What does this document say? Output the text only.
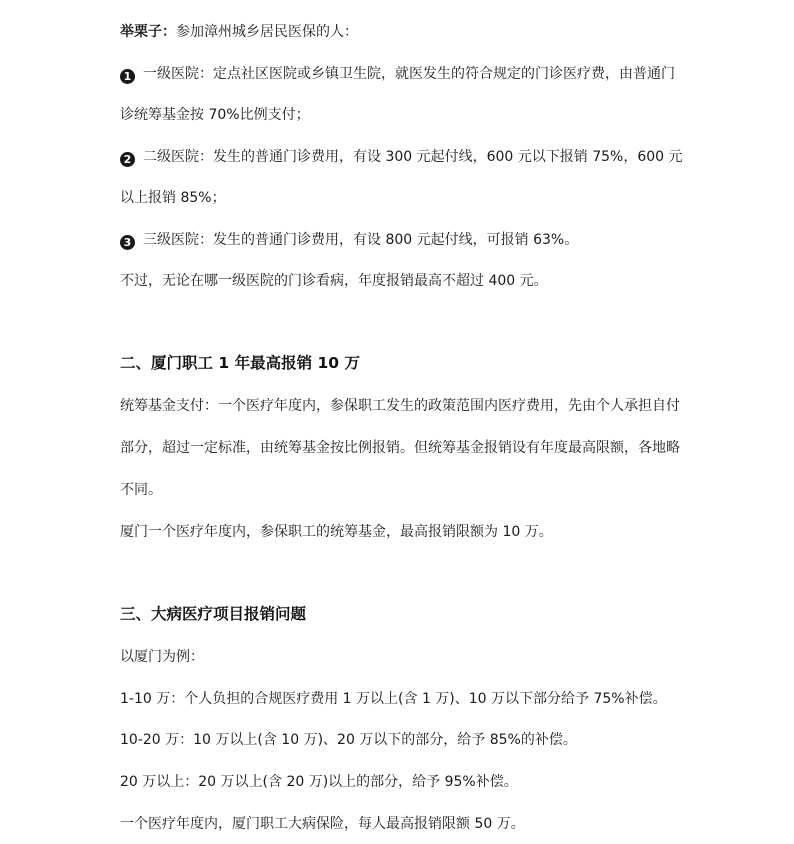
举栗子：参加漳州城乡居民医保的人：
1 一级医院：定点社区医院或乡镇卫生院，就医发生的符合规定的门诊医疗费，由普通门
诊统筹基金按 70%比例支付；
2 二级医院：发生的普通门诊费用，有设 300 元起付线，600 元以下报销 75%，600 元
以上报销 85%；
3 三级医院：发生的普通门诊费用，有设 800 元起付线，可报销 63%。
不过，无论在哪一级医院的门诊看病，年度报销最高不超过 400 元。
二、厦门职工 1 年最高报销 10 万
统筹基金支付：一个医疗年度内，参保职工发生的政策范围内医疗费用，先由个人承担自付
部分，超过一定标准，由统筹基金按比例报销。但统筹基金报销设有年度最高限额，各地略
不同。
厦门一个医疗年度内，参保职工的统筹基金，最高报销限额为 10 万。
三、大病医疗项目报销问题
以厦门为例：
1-10 万：个人负担的合规医疗费用 1 万以上(含 1 万)、10 万以下部分给予 75%补偿。
10-20 万：10 万以上(含 10 万)、20 万以下的部分，给予 85%的补偿。
20 万以上：20 万以上(含 20 万)以上的部分，给予 95%补偿。
一个医疗年度内，厦门职工大病保险，每人最高报销限额 50 万。
